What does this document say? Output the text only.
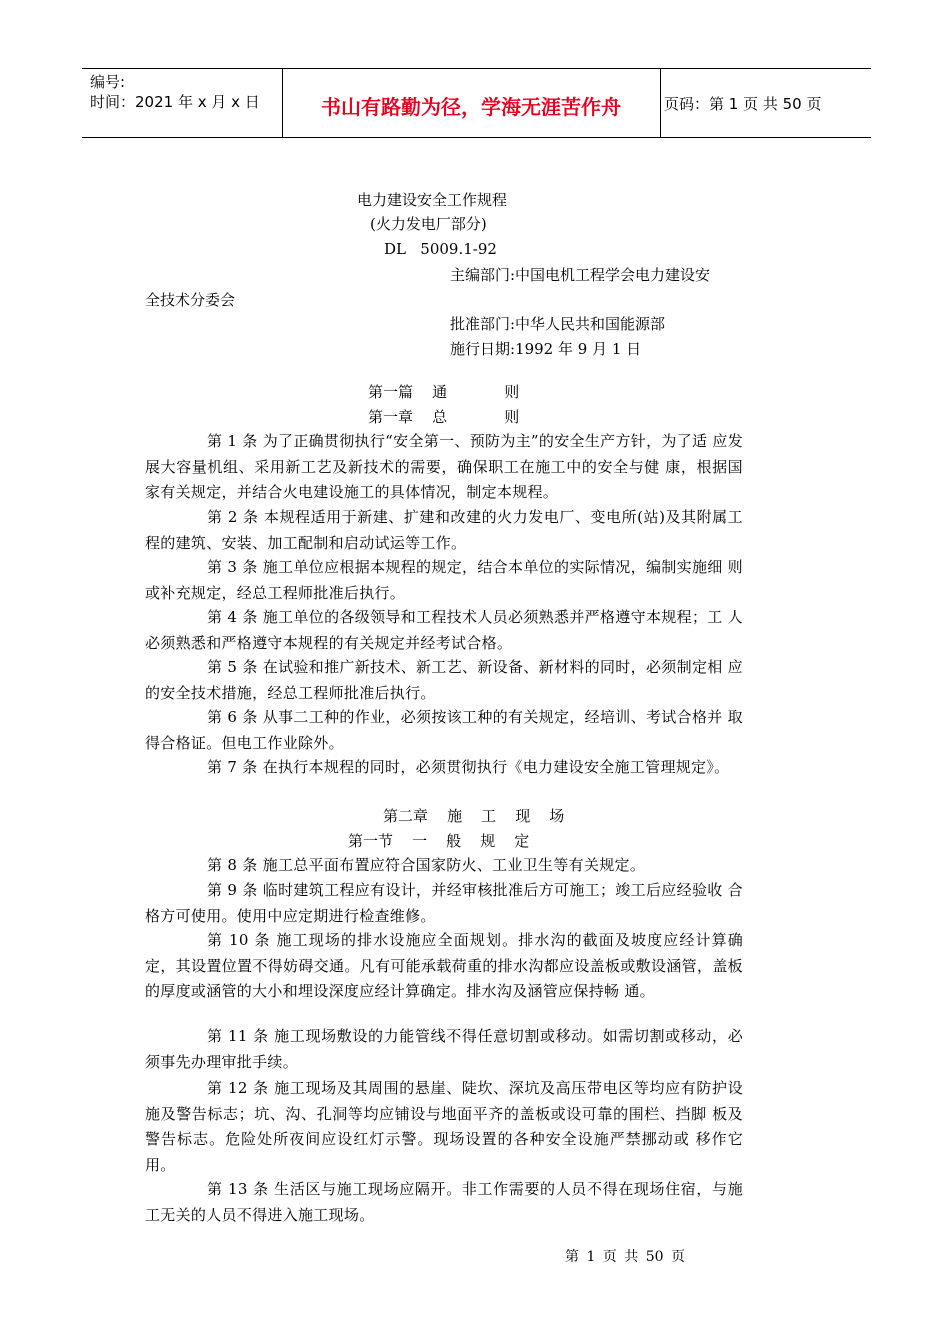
编号:
时间：2021 年 x 月 x 日	书山有路勤为径，学海无涯苦作舟	页码：第 1 页 共 50 页
电力建设安全工作规程
(火力发电厂部分)
DL   5009.1-92
主编部门:中国电机工程学会电力建设安
全技术分委会
批准部门:中华人民共和国能源部
施行日期:1992 年 9 月 1 日
第一篇    通            则
第一章    总            则
第 1 条 为了正确贯彻执行“安全第一、预防为主”的安全生产方针，为了适 应发展大容量机组、采用新工艺及新技术的需要，确保职工在施工中的安全与健 康，根据国家有关规定，并结合火电建设施工的具体情况，制定本规程。
第 2 条 本规程适用于新建、扩建和改建的火力发电厂、变电所(站)及其附属工 程的建筑、安装、加工配制和启动试运等工作。
第 3 条 施工单位应根据本规程的规定，结合本单位的实际情况，编制实施细 则或补充规定，经总工程师批准后执行。
第 4 条 施工单位的各级领导和工程技术人员必须熟悉并严格遵守本规程；工 人必须熟悉和严格遵守本规程的有关规定并经考试合格。
第 5 条 在试验和推广新技术、新工艺、新设备、新材料的同时，必须制定相 应的安全技术措施，经总工程师批准后执行。
第 6 条 从事二工种的作业，必须按该工种的有关规定，经培训、考试合格并 取得合格证。但电工作业除外。
第 7 条 在执行本规程的同时，必须贯彻执行《电力建设安全施工管理规定》。
第二章    施    工    现    场
第一节    一    般    规    定
第 8 条 施工总平面布置应符合国家防火、工业卫生等有关规定。
第 9 条 临时建筑工程应有设计，并经审核批准后方可施工；竣工后应经验收 合格方可使用。使用中应定期进行检查维修。
第 10 条 施工现场的排水设施应全面规划。排水沟的截面及坡度应经计算确 定，其设置位置不得妨碍交通。凡有可能承载荷重的排水沟都应设盖板或敷设涵管，盖板的厚度或涵管的大小和埋设深度应经计算确定。排水沟及涵管应保持畅 通。
第 11 条 施工现场敷设的力能管线不得任意切割或移动。如需切割或移动，必 须事先办理审批手续。
第 12 条 施工现场及其周围的悬崖、陡坎、深坑及高压带电区等均应有防护设 施及警告标志；坑、沟、孔洞等均应铺设与地面平齐的盖板或设可靠的围栏、挡脚 板及警告标志。危险处所夜间应设红灯示警。现场设置的各种安全设施严禁挪动或 移作它用。
第 13 条 生活区与施工现场应隔开。非工作需要的人员不得在现场住宿，与施 工无关的人员不得进入施工现场。
第 1 页 共 50 页
